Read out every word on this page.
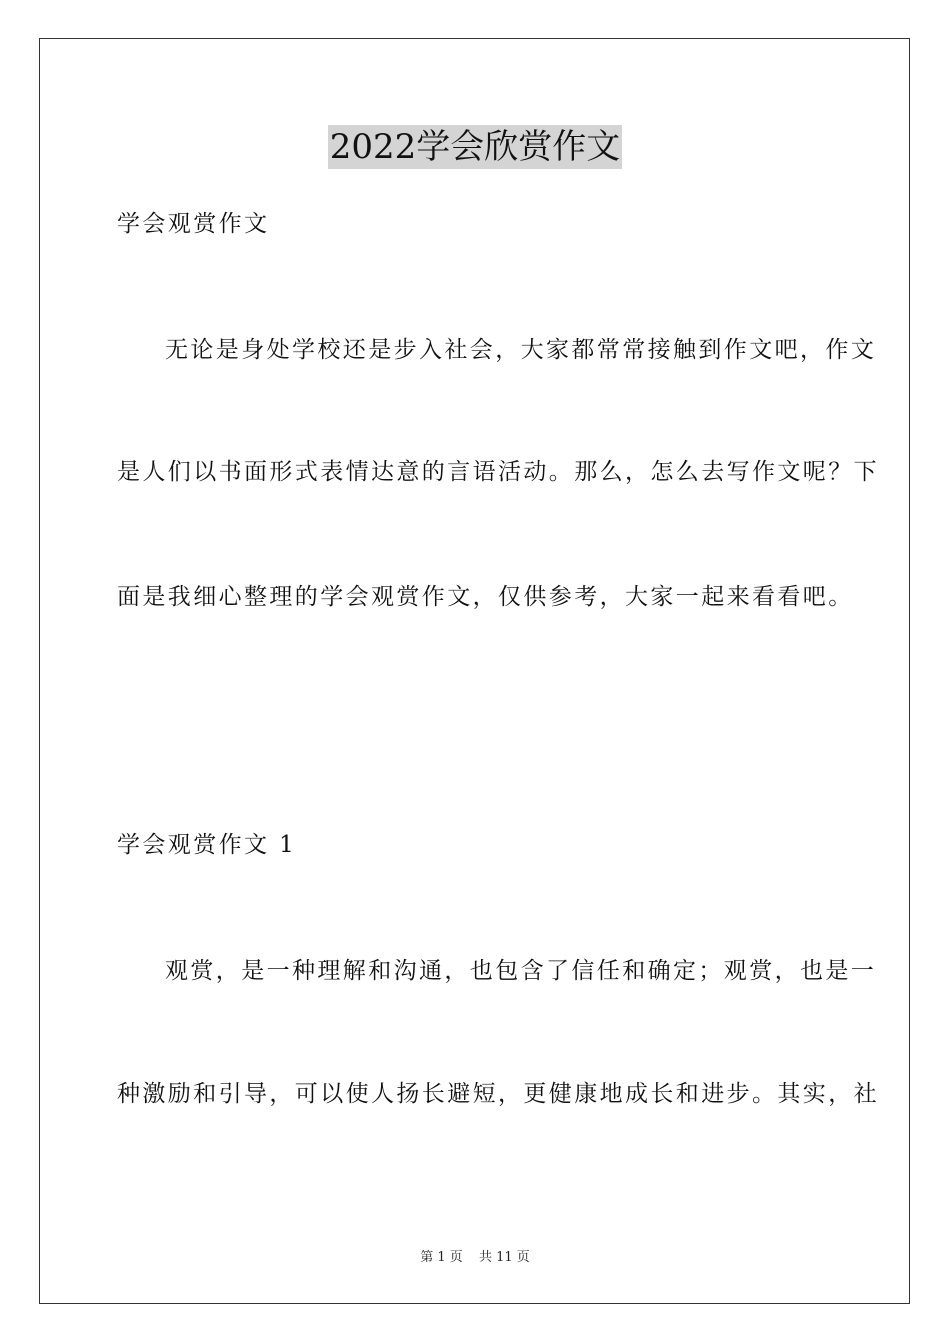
2022学会欣赏作文
学会观赏作文
无论是身处学校还是步入社会，大家都常常接触到作文吧，作文
是人们以书面形式表情达意的言语活动。那么，怎么去写作文呢？下
面是我细心整理的学会观赏作文，仅供参考，大家一起来看看吧。
学会观赏作文 1
观赏，是一种理解和沟通，也包含了信任和确定；观赏，也是一
种激励和引导，可以使人扬长避短，更健康地成长和进步。其实，社
第 1 页 共 11 页
